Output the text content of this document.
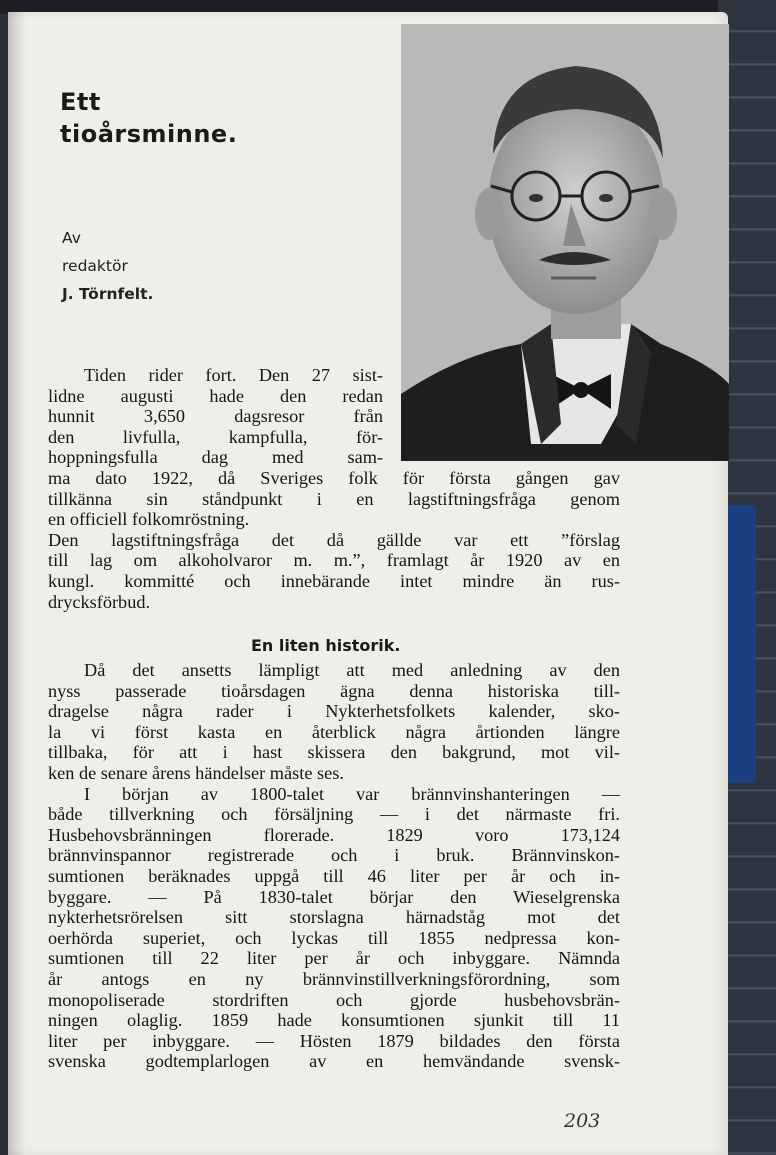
Ett
tioårsminne.
Av
redaktör
J. Törnfelt.
Tiden rider fort. Den 27 sist-
lidne augusti hade den redan
hunnit 3,650 dagsresor från
den livfulla, kampfulla, för-
hoppningsfulla dag med sam-
ma dato 1922, då Sveriges folk för första gången gav
tillkänna sin ståndpunkt i en lagstiftningsfråga genom
en officiell folkomröstning.
Den lagstiftningsfråga det då gällde var ett ”förslag
till lag om alkoholvaror m. m.”, framlagt år 1920 av en
kungl. kommitté och innebärande intet mindre än rus-
drycksförbud.
En liten historik.
Då det ansetts lämpligt att med anledning av den
nyss passerade tioårsdagen ägna denna historiska till-
dragelse några rader i Nykterhetsfolkets kalender, sko-
la vi först kasta en återblick några årtionden längre
tillbaka, för att i hast skissera den bakgrund, mot vil-
ken de senare årens händelser måste ses.
I början av 1800-talet var brännvinshanteringen —
både tillverkning och försäljning — i det närmaste fri.
Husbehovsbränningen florerade. 1829 voro 173,124
brännvinspannor registrerade och i bruk. Brännvinskon-
sumtionen beräknades uppgå till 46 liter per år och in-
byggare. — På 1830-talet börjar den Wieselgrenska
nykterhetsrörelsen sitt storslagna härnadståg mot det
oerhörda superiet, och lyckas till 1855 nedpressa kon-
sumtionen till 22 liter per år och inbyggare. Nämnda
år antogs en ny brännvinstillverkningsförordning, som
monopoliserade stordriften och gjorde husbehovsbrän-
ningen olaglig. 1859 hade konsumtionen sjunkit till 11
liter per inbyggare. — Hösten 1879 bildades den första
svenska godtemplarlogen av en hemvändande svensk-
203
